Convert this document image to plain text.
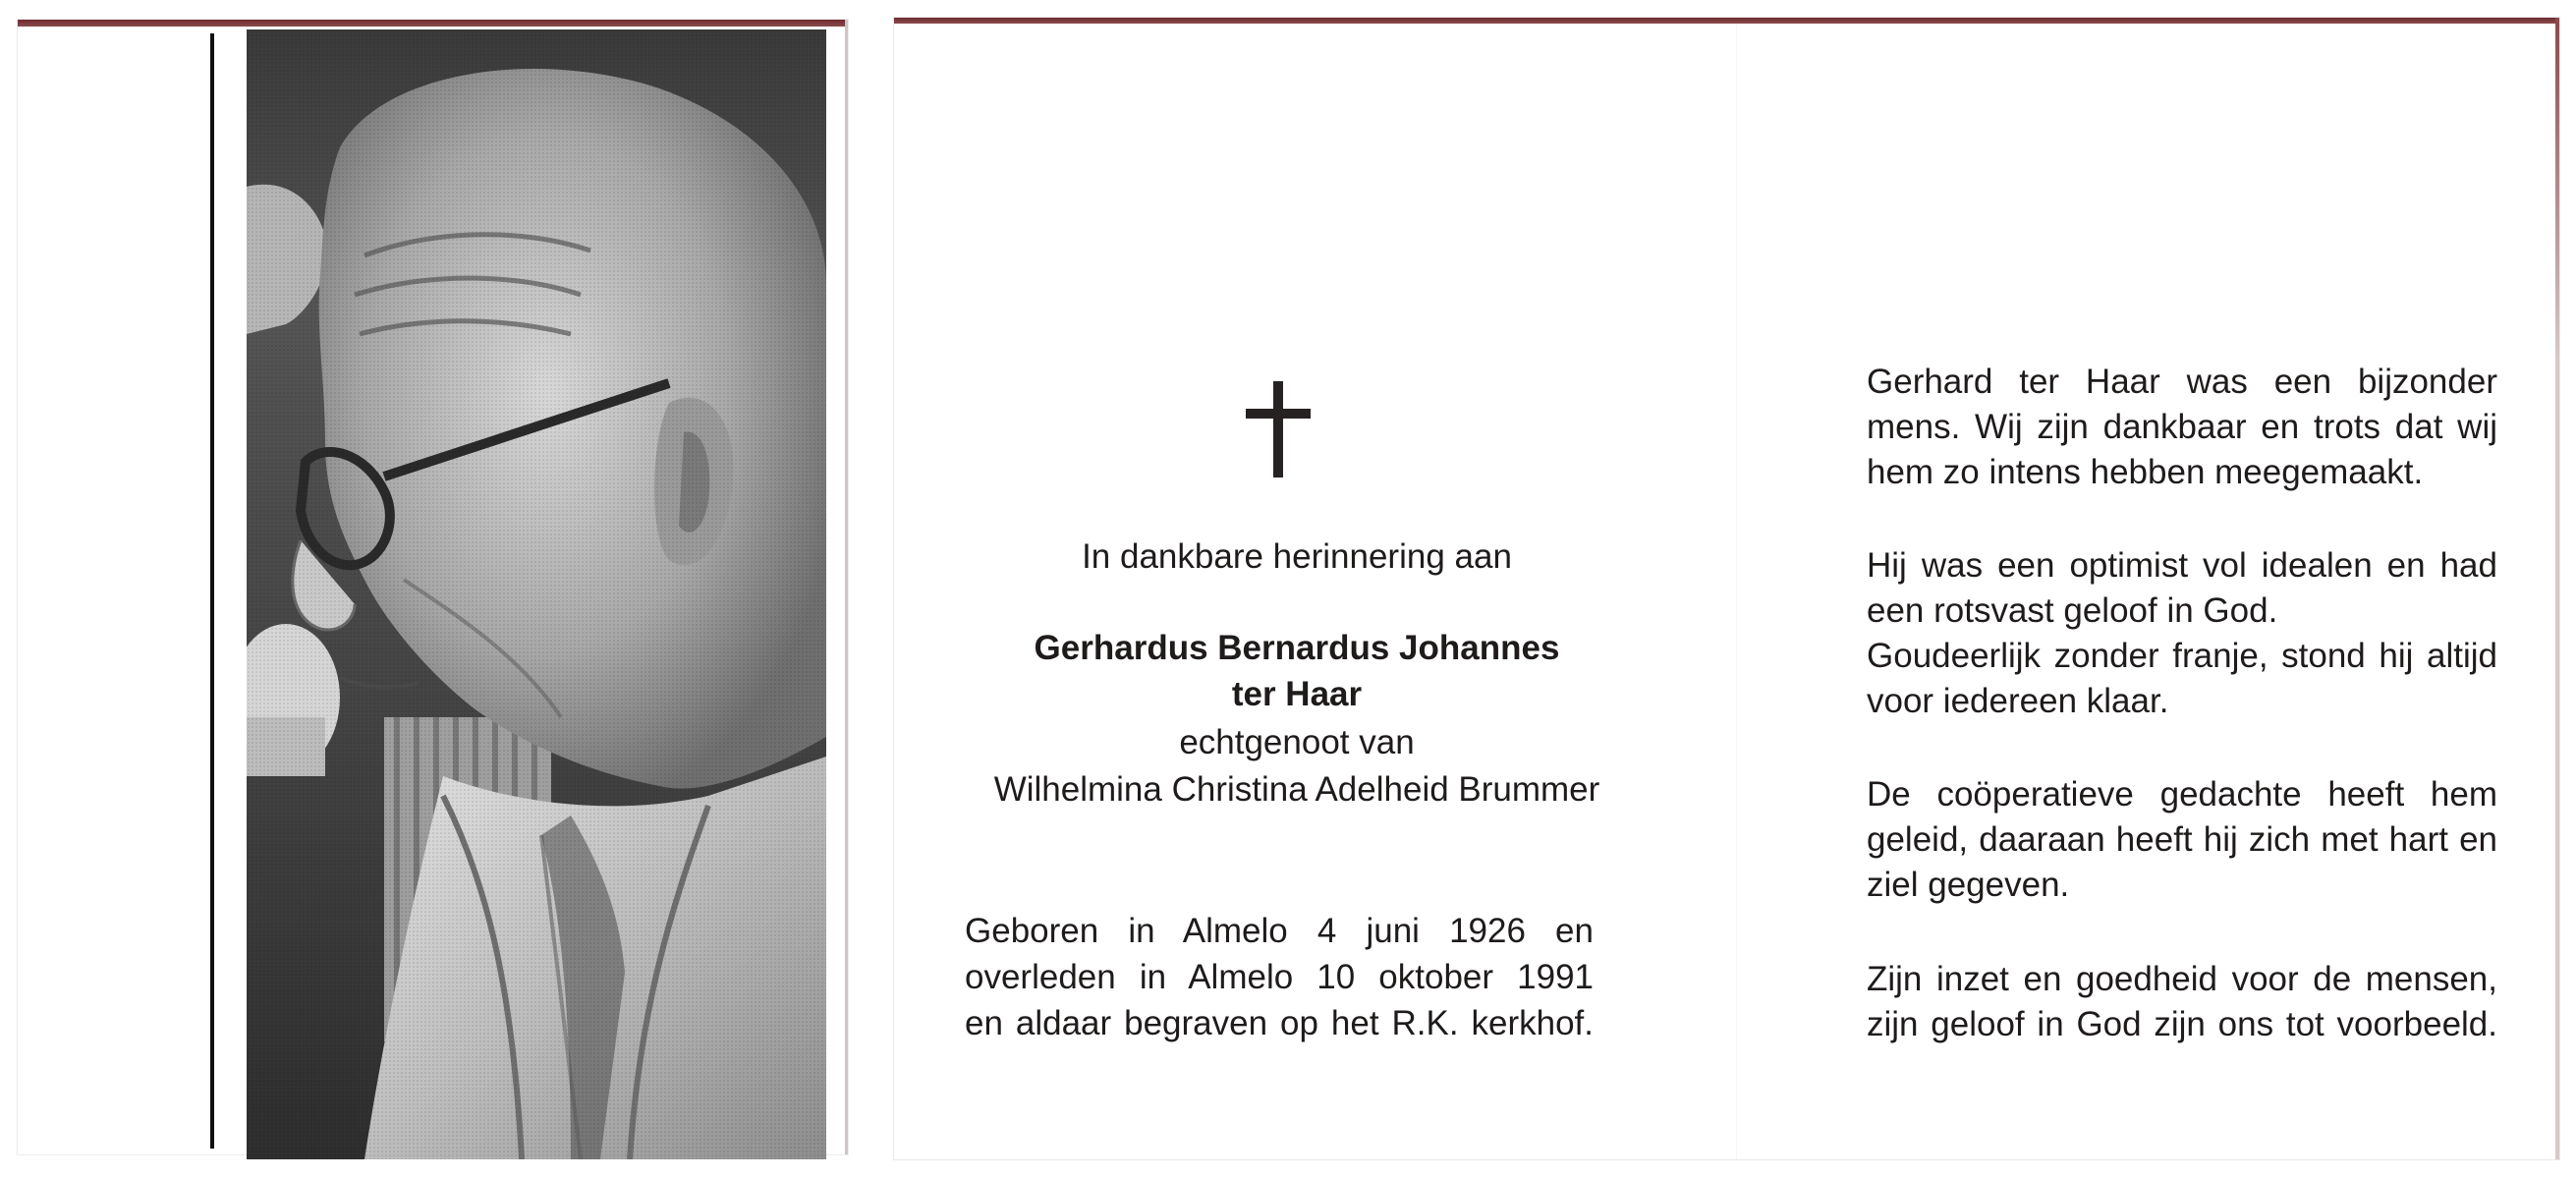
In dankbare herinnering aan
Gerhardus Bernardus Johannes
ter Haar
echtgenoot van
Wilhelmina Christina Adelheid Brummer
Geboren in Almelo 4 juni 1926 en
overleden in Almelo 10 oktober 1991
en aldaar begraven op het R.K. kerkhof.
Gerhard ter Haar was een bijzonder
mens. Wij zijn dankbaar en trots dat wij
hem zo intens hebben meegemaakt.
Hij was een optimist vol idealen en had
een rotsvast geloof in God.
Goudeerlijk zonder franje, stond hij altijd
voor iedereen klaar.
De coöperatieve gedachte heeft hem
geleid, daaraan heeft hij zich met hart en
ziel gegeven.
Zijn inzet en goedheid voor de mensen,
zijn geloof in God zijn ons tot voorbeeld.
